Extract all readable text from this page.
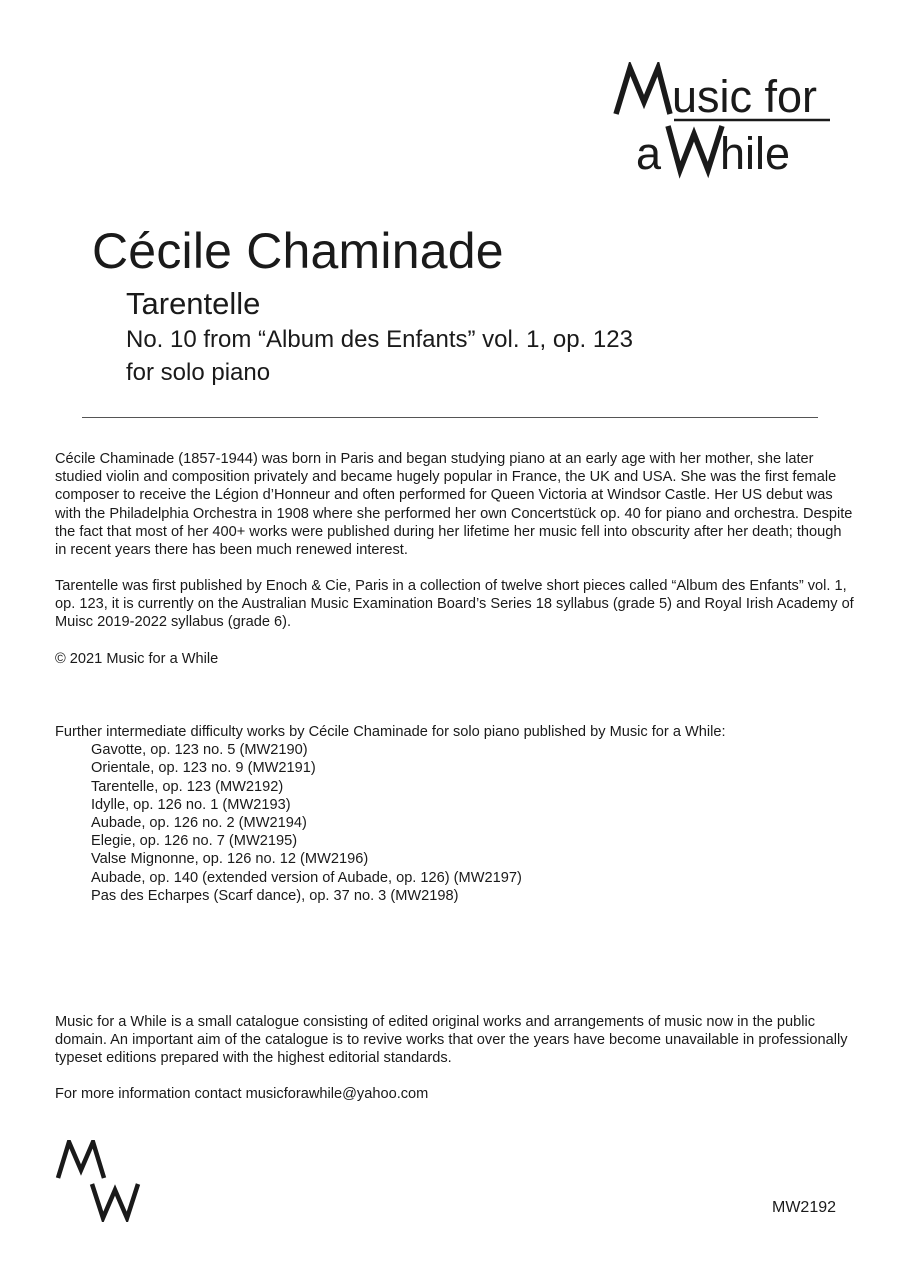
usic for
a hile
Cécile Chaminade
Tarentelle
No. 10 from “Album des Enfants” vol. 1, op. 123
for solo piano

Cécile Chaminade (1857-1944) was born in Paris and began studying piano at an early age with her mother, she later studied violin and composition privately and became hugely popular in France, the UK and USA. She was the first female composer to receive the Légion d’Honneur and often performed for Queen Victoria at Windsor Castle. Her US debut was with the Philadelphia Orchestra in 1908 where she performed her own Concertstück op. 40 for piano and orchestra. Despite the fact that most of her 400+ works were published during her lifetime her music fell into obscurity after her death; though in recent years there has been much renewed interest.

Tarentelle was first published by Enoch & Cie, Paris in a collection of twelve short pieces called “Album des Enfants” vol. 1, op. 123, it is currently on the Australian Music Examination Board’s Series 18 syllabus (grade 5) and Royal Irish Academy of Muisc 2019-2022 syllabus (grade 6).

© 2021 Music for a While

Further intermediate difficulty works by Cécile Chaminade for solo piano published by Music for a While:

Gavotte, op. 123 no. 5 (MW2190)
Orientale, op. 123 no. 9 (MW2191)
Tarentelle, op. 123 (MW2192)
Idylle, op. 126 no. 1 (MW2193)
Aubade, op. 126 no. 2 (MW2194)
Elegie, op. 126 no. 7 (MW2195)
Valse Mignonne, op. 126 no. 12 (MW2196)
Aubade, op. 140 (extended version of Aubade, op. 126) (MW2197)
Pas des Echarpes (Scarf dance), op. 37 no. 3 (MW2198)

Music for a While is a small catalogue consisting of edited original works and arrangements of music now in the public domain. An important aim of the catalogue is to revive works that over the years have become unavailable in professionally typeset editions prepared with the highest editorial standards.

For more information contact musicforawhile@yahoo.com

MW2192
